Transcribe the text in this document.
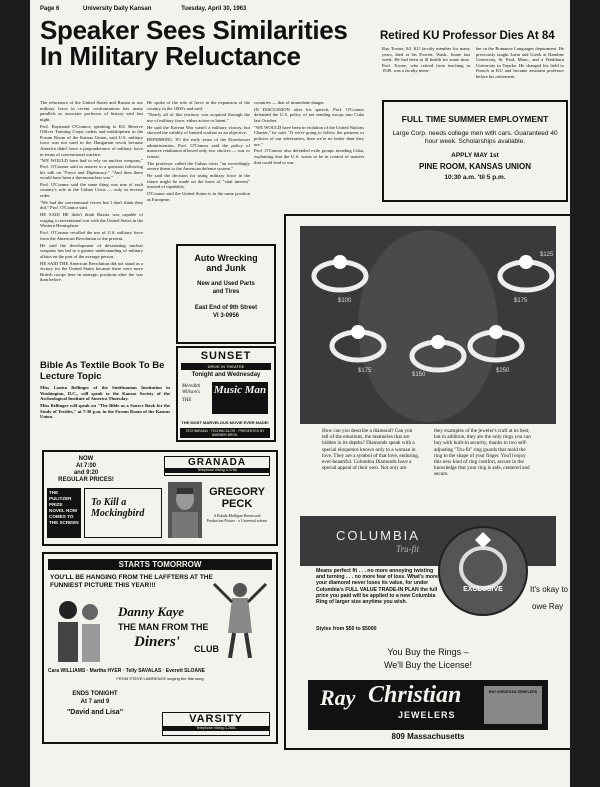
Page 6	University Daily Kansan	Tuesday, April 30, 1963
Speaker Sees Similarities
In Military Reluctance

The reluctance of the United States and Russia to use military force in recent confrontations has many parallels as associate professor of history said last night.

Prof. Raymond O'Connor, speaking to KU Reserve Officer Training Corps cadets and midshipmen in the Forum Room of the Kansas Union, said U.S. military force was not used in the Hungarian revolt because America didn't have a preponderance of military force in terms of conventional warfare.

"WE WOULD have had to rely on nuclear weapons," Prof. O'Connor said in answer to a question following his talk on "Force and Diplomacy." "And then there would have been a thermonuclear war."

Prof. O'Connor said the same thing was true of each country's role in the Cuban Crisis — only in reverse order.

"We had the conventional forces but I don't think they did," Prof. O'Connor said.

HE SAID HE didn't think Russia was capable of waging a conventional war with the United States in the Western Hemisphere.

Prof. O'Connor recalled the use of U.S. military force from the American Revolution to the present.

He said the development of devastating nuclear weapons has led to a greater understanding of military affairs on the part of the average person.

HE SAID THE American Revolution did not stand as a victory for the United States because there were more British troops here in strategic positions after the war than before.

He spoke of the role of force in the expansion of the country in the 1800's and said:

"Nearly all of this territory was acquired through the use of military force, either active or latent."

He said the Korean War wasn't a military victory, but showed the validity of limited warfare as an objective.

REFERRING TO the early years of the Eisenhower administration, Prof. O'Connor said the policy of massive retaliation allowed only two choices — war or retreat.

The professor called the Cuban crisis "an exceedingly severe threat to the American defense system."

He said the decision for using military force in the future might be made on the basis of "vital interest" instead of capability.

O'Connor said the United States is in the same position as European

countries — that of immediate danger.

IN DISCUSSION after his speech, Prof. O'Connor defended the U.S. policy of not sending troops into Cuba last October.

"WE WOULD have been in violation of the United Nations Charter," he said. "If we're going to follow the patterns or policies of our adversaries, then we're no better than they are."

Prof. O'Connor also defended exile groups invading Cuba, explaining that the U.S. wants to be in control of matters that could lead to war.

Retired KU Professor Dies At 84
Ray Towne, 84, KU faculty member for many years, died at his Everett, Wash., home last week. He had been in ill health for some time. Prof. Towne, who retired from teaching in 1949, was a faculty mem-
ber in the Romance Languages department. He previously taught Latin and Greek at Hamline University, St. Paul, Minn., and a Washburn University in Topeka. He changed his field to French at KU and became assistant professor before his retirement.
FULL TIME SUMMER EMPLOYMENT
Large Corp. needs college men with cars. Guaranteed 40 hour week. Scholarships available.
APPLY MAY 1st
PINE ROOM, KANSAS UNION
10:30 a.m. 'til 5 p.m.
Auto Wrecking
and Junk
New and Used Parts
and Tires
East End of 9th Street
VI 3-0956
Bible As Textile Book To Be Lecture Topic

Miss Louisa Bellinger of the Smithsonian Institution in Washington, D.C., will speak to the Kansas Society of the Archeological Institute of America Thursday.

Miss Bellinger will speak on "The Bible as a Source Book for the Study of Textiles," at 7:30 p.m. in the Forum Room of the Kansas Union.

SUNSET
DRIVE IN THEATRE
Tonight and Wednesday
Meredith Willson's
THE
Music Man
THE MOST MARVELOUS MOVIE EVER MADE!
TECHNIRAMA · TECHNICOLOR · PRESENTED BY WARNER BROS.
NOW
At 7:00
and 9:20
REGULAR PRICES!
GRANADA
Telephone VIking 3-3788
THE PULITZER PRIZE NOVEL NOW COMES TO THE SCREEN
To Kill a Mockingbird
GREGORY
PECK
A Pakula-Mulligan Brentwood Production Picture · a Universal release
STARTS TOMORROW
YOU'LL BE HANGING FROM THE LAFFTERS AT THE FUNNIEST PICTURE THIS YEAR!!!
Danny Kaye
THE MAN FROM THE
Diners' CLUB
Cara WILLIAMS · Martha HYER · Telly SAVALAS · Everett SLOANE
FROM STEVE LAWRENCE singing the title song
ENDS TONIGHT
At 7 and 9
"David and Lisa"
VARSITY
Telephone VIking 3-2861
$100
$175
$150
$175
$250
$125
How can you describe a diamond? Can you tell of the emotions, the memories that are hidden in its depths? Diamonds speak with a special eloquence known only to a woman in love. They are a symbol of that love, enduring, ever-beautiful. Columbia Diamonds have a special appeal of their own. Not only are
they examples of the jeweler's craft at its best, but in addition, they are the only rings you can buy with built-in security, thanks to two self-adjusting "Tru-fit" ring guards that mold the ring to the shape of your finger. You'll enjoy this new kind of ring comfort, secure in the knowledge that your ring is safe, centered and secure.
COLUMBIA
Tru-fit
EXCLUSIVE
Means perfect fit . . . no more annoying twisting and turning . . . no more fear of loss. What's more your diamond never loses its value, for under Columbia's FULL VALUE TRADE-IN PLAN the full price you paid will be applied to a new Columbia Ring of larger size anytime you wish.
Styles from $50 to $5000
It's okay to
owe Ray
You Buy the Rings –
We'll Buy the License!
Ray Christian
JEWELERS
RAY CHRISTIAN JEWELERS
809 Massachusetts
